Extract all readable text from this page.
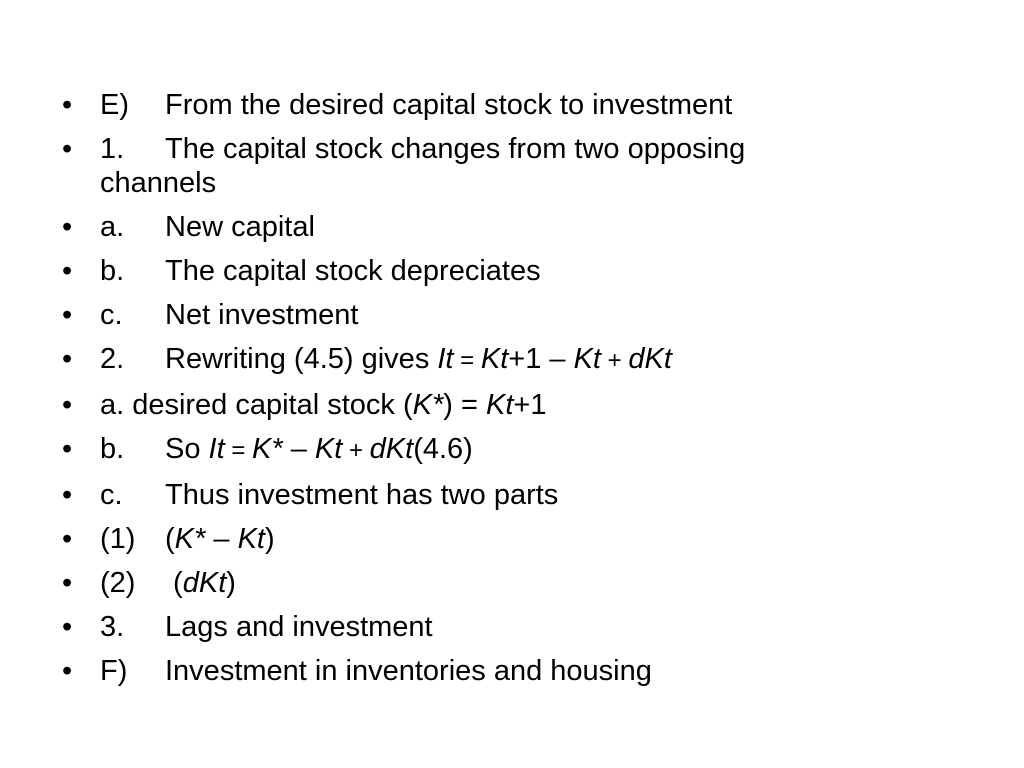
• E) From the desired capital stock to investment
• 1. The capital stock changes from two opposing
channels
• a. New capital
• b. The capital stock depreciates
• c. Net investment
• 2. Rewriting (4.5) gives It = Kt+1 – Kt + dKt
• a. desired capital stock (K*) = Kt+1
• b. So It = K* – Kt + dKt(4.6)
• c. Thus investment has two parts
• (1) (K* – Kt)
• (2) (dKt)
• 3. Lags and investment
• F) Investment in inventories and housing
